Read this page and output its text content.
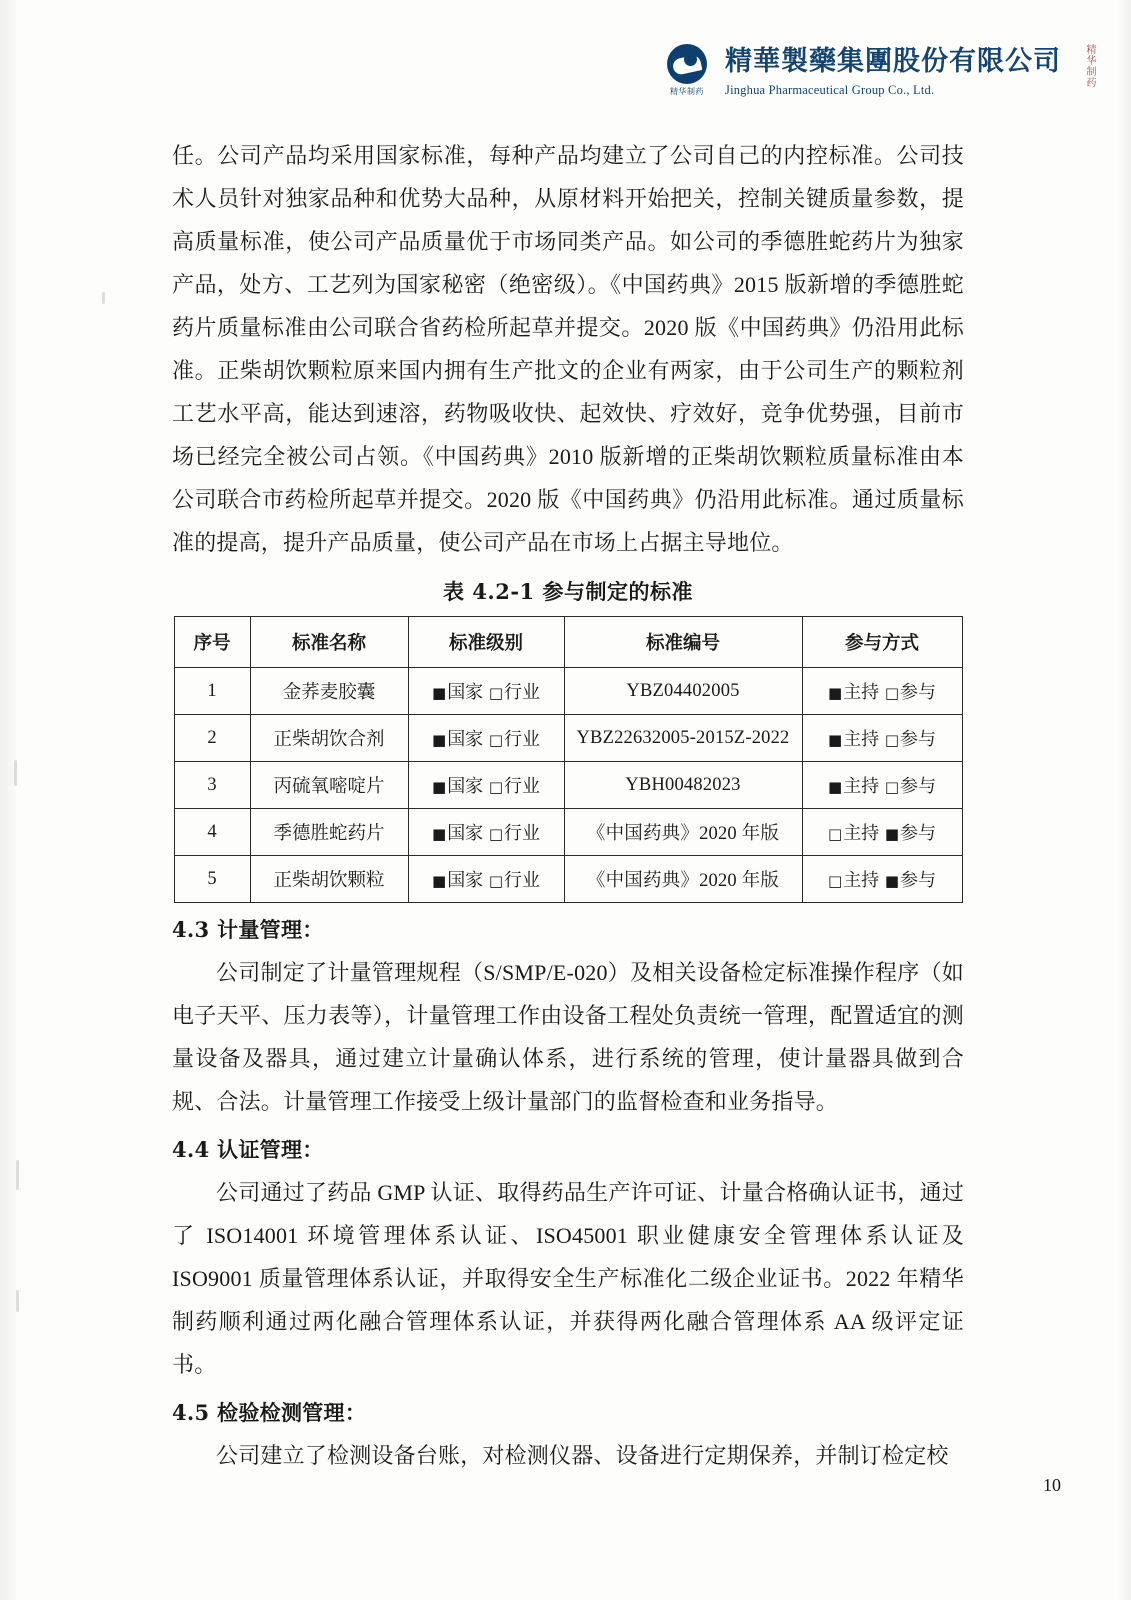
精华制药
精華製藥集團股份有限公司
Jinghua Pharmaceutical Group Co., Ltd.
精华制药

任。公司产品均采用国家标准，每种产品均建立了公司自己的内控标准。公司技术人员针对独家品种和优势大品种，从原材料开始把关，控制关键质量参数，提高质量标准，使公司产品质量优于市场同类产品。如公司的季德胜蛇药片为独家产品，处方、工艺列为国家秘密（绝密级）。《中国药典》2015 版新增的季德胜蛇药片质量标准由公司联合省药检所起草并提交。2020 版《中国药典》仍沿用此标准。正柴胡饮颗粒原来国内拥有生产批文的企业有两家，由于公司生产的颗粒剂工艺水平高，能达到速溶，药物吸收快、起效快、疗效好，竞争优势强，目前市场已经完全被公司占领。《中国药典》2010 版新增的正柴胡饮颗粒质量标准由本公司联合市药检所起草并提交。2020 版《中国药典》仍沿用此标准。通过质量标准的提高，提升产品质量，使公司产品在市场上占据主导地位。

表 4.2-1 参与制定的标准
序号	标准名称	标准级别	标准编号	参与方式
1	金荞麦胶囊	■ 国家 □ 行业	YBZ04402005	■ 主持 □ 参与
2	正柴胡饮合剂	■ 国家 □ 行业	YBZ22632005-2015Z-2022	■ 主持 □ 参与
3	丙硫氧嘧啶片	■ 国家 □ 行业	YBH00482023	■ 主持 □ 参与
4	季德胜蛇药片	■ 国家 □ 行业	《中国药典》2020 年版	□ 主持 ■ 参与
5	正柴胡饮颗粒	■ 国家 □ 行业	《中国药典》2020 年版	□ 主持 ■ 参与
4.3 计量管理：

公司制定了计量管理规程（S/SMP/E-020）及相关设备检定标准操作程序（如电子天平、压力表等），计量管理工作由设备工程处负责统一管理，配置适宜的测量设备及器具，通过建立计量确认体系，进行系统的管理，使计量器具做到合规、合法。计量管理工作接受上级计量部门的监督检查和业务指导。

4.4 认证管理：

公司通过了药品 GMP 认证、取得药品生产许可证、计量合格确认证书，通过了 ISO14001 环境管理体系认证、ISO45001 职业健康安全管理体系认证及 ISO9001 质量管理体系认证，并取得安全生产标准化二级企业证书。2022 年精华制药顺利通过两化融合管理体系认证，并获得两化融合管理体系 AA 级评定证书。

4.5 检验检测管理：

公司建立了检测设备台账，对检测仪器、设备进行定期保养，并制订检定校

10
